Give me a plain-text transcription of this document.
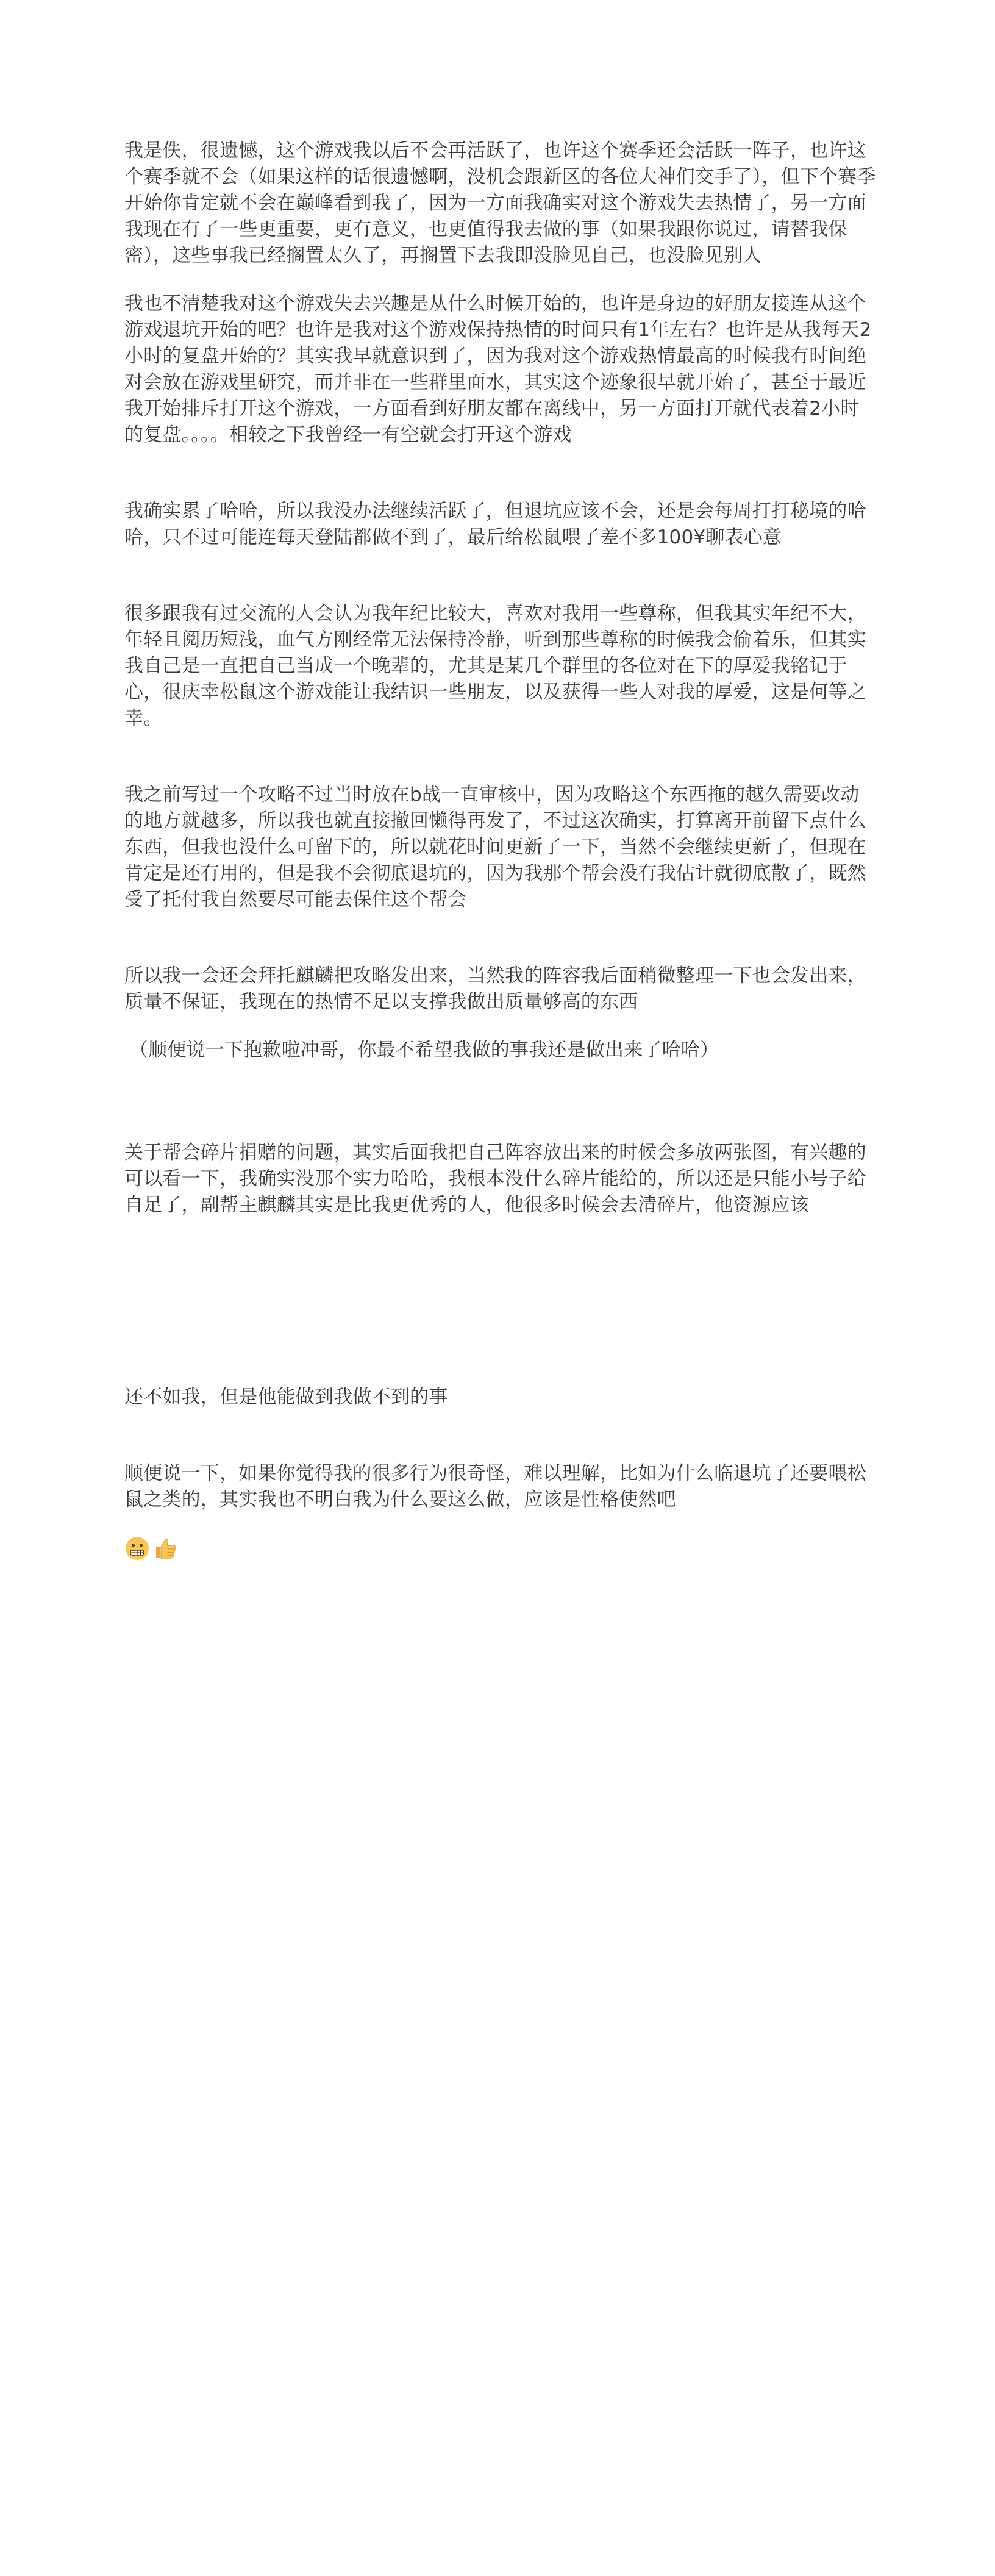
我是佚，很遗憾，这个游戏我以后不会再活跃了，也许这个赛季还会活跃一阵子，也许这个赛季就不会（如果这样的话很遗憾啊，没机会跟新区的各位大神们交手了），但下个赛季开始你肯定就不会在巅峰看到我了，因为一方面我确实对这个游戏失去热情了，另一方面我现在有了一些更重要，更有意义，也更值得我去做的事（如果我跟你说过，请替我保密），这些事我已经搁置太久了，再搁置下去我即没脸见自己，也没脸见别人

我也不清楚我对这个游戏失去兴趣是从什么时候开始的，也许是身边的好朋友接连从这个游戏退坑开始的吧？也许是我对这个游戏保持热情的时间只有1年左右？也许是从我每天2小时的复盘开始的？其实我早就意识到了，因为我对这个游戏热情最高的时候我有时间绝对会放在游戏里研究，而并非在一些群里面水，其实这个迹象很早就开始了，甚至于最近我开始排斥打开这个游戏，一方面看到好朋友都在离线中，另一方面打开就代表着2小时的复盘。。。。相较之下我曾经一有空就会打开这个游戏

我确实累了哈哈，所以我没办法继续活跃了，但退坑应该不会，还是会每周打打秘境的哈哈，只不过可能连每天登陆都做不到了，最后给松鼠喂了差不多100¥聊表心意

很多跟我有过交流的人会认为我年纪比较大，喜欢对我用一些尊称，但我其实年纪不大，年轻且阅历短浅，血气方刚经常无法保持冷静，听到那些尊称的时候我会偷着乐，但其实我自己是一直把自己当成一个晚辈的，尤其是某几个群里的各位对在下的厚爱我铭记于心，很庆幸松鼠这个游戏能让我结识一些朋友，以及获得一些人对我的厚爱，这是何等之幸。

我之前写过一个攻略不过当时放在b战一直审核中，因为攻略这个东西拖的越久需要改动的地方就越多，所以我也就直接撤回懒得再发了，不过这次确实，打算离开前留下点什么东西，但我也没什么可留下的，所以就花时间更新了一下，当然不会继续更新了，但现在肯定是还有用的，但是我不会彻底退坑的，因为我那个帮会没有我估计就彻底散了，既然受了托付我自然要尽可能去保住这个帮会

所以我一会还会拜托麒麟把攻略发出来，当然我的阵容我后面稍微整理一下也会发出来，质量不保证，我现在的热情不足以支撑我做出质量够高的东西

（顺便说一下抱歉啦冲哥，你最不希望我做的事我还是做出来了哈哈）

关于帮会碎片捐赠的问题，其实后面我把自己阵容放出来的时候会多放两张图，有兴趣的可以看一下，我确实没那个实力哈哈，我根本没什么碎片能给的，所以还是只能小号子给自足了，副帮主麒麟其实是比我更优秀的人，他很多时候会去清碎片，他资源应该

还不如我，但是他能做到我做不到的事

顺便说一下，如果你觉得我的很多行为很奇怪，难以理解，比如为什么临退坑了还要喂松鼠之类的，其实我也不明白我为什么要这么做，应该是性格使然吧
